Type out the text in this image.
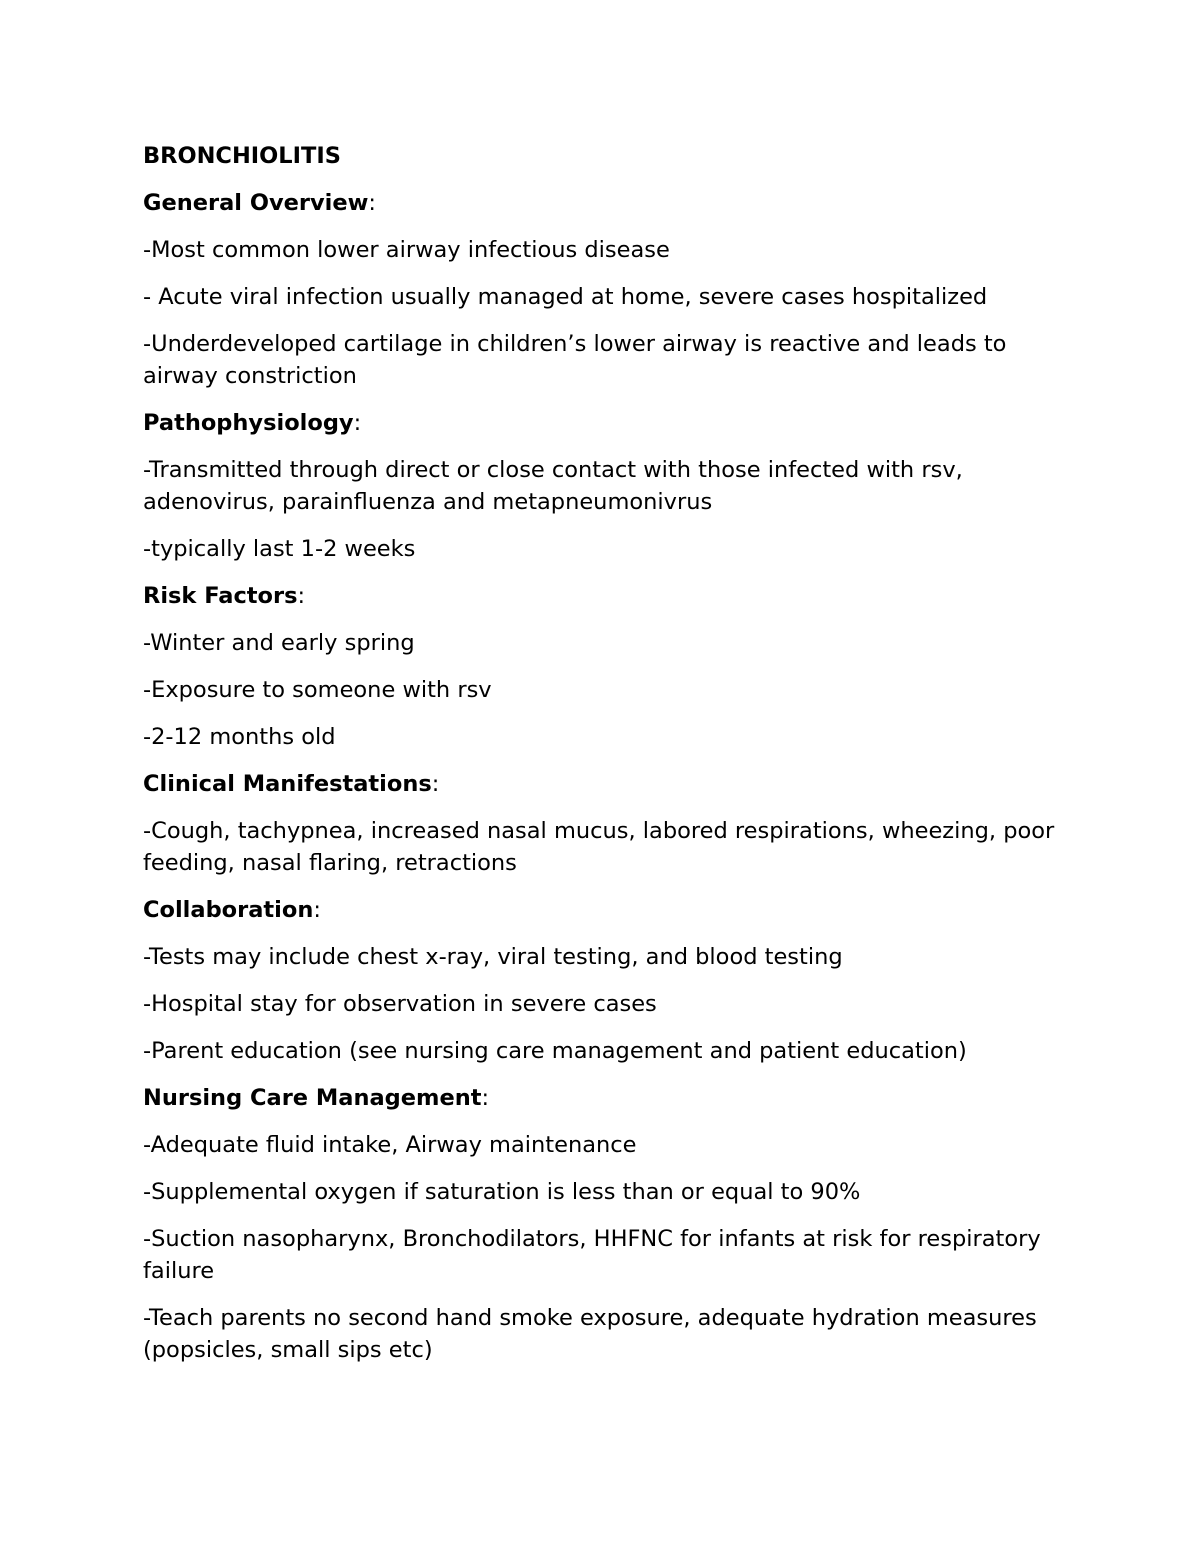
BRONCHIOLITIS
General Overview:
-Most common lower airway infectious disease
- Acute viral infection usually managed at home, severe cases hospitalized
-Underdeveloped cartilage in children’s lower airway is reactive and leads to airway constriction
Pathophysiology:
-Transmitted through direct or close contact with those infected with rsv, adenovirus, parainfluenza and metapneumonivrus
-typically last 1-2 weeks
Risk Factors:
-Winter and early spring
-Exposure to someone with rsv
-2-12 months old
Clinical Manifestations:
-Cough, tachypnea, increased nasal mucus, labored respirations, wheezing, poor feeding, nasal flaring, retractions
Collaboration:
-Tests may include chest x-ray, viral testing, and blood testing
-Hospital stay for observation in severe cases
-Parent education (see nursing care management and patient education)
Nursing Care Management:
-Adequate fluid intake, Airway maintenance
-Supplemental oxygen if saturation is less than or equal to 90%
-Suction nasopharynx, Bronchodilators, HHFNC for infants at risk for respiratory failure
-Teach parents no second hand smoke exposure, adequate hydration measures (popsicles, small sips etc)
